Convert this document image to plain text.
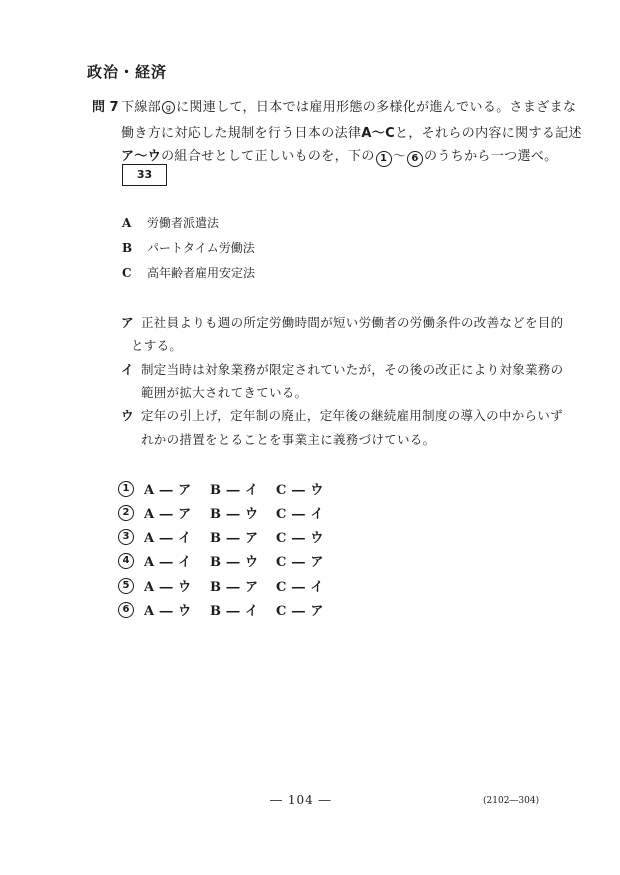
政治・経済
問 7 下線部 g に関連して，日本では雇用形態の多様化が進んでいる。さまざまな
働き方に対応した規制を行う日本の法律A～Cと，それらの内容に関する記述
ア～ウの組合せとして正しいものを，下の 1 ～ 6 のうちから一つ選べ。
33
A 労働者派遣法
B パートタイム労働法
C 高年齢者雇用安定法
ア 正社員よりも週の所定労働時間が短い労働者の労働条件の改善などを目的
とする。
イ 制定当時は対象業務が限定されていたが，その後の改正により対象業務の
範囲が拡大されてきている。
ウ 定年の引上げ，定年制の廃止，定年後の継続雇用制度の導入の中からいず
れかの措置をとることを事業主に義務づけている。
1 A ― ア B ― イ C ― ウ
2 A ― ア B ― ウ C ― イ
3 A ― イ B ― ア C ― ウ
4 A ― イ B ― ウ C ― ア
5 A ― ウ B ― ア C ― イ
6 A ― ウ B ― イ C ― ア
― 104 ―	(2102―304)
